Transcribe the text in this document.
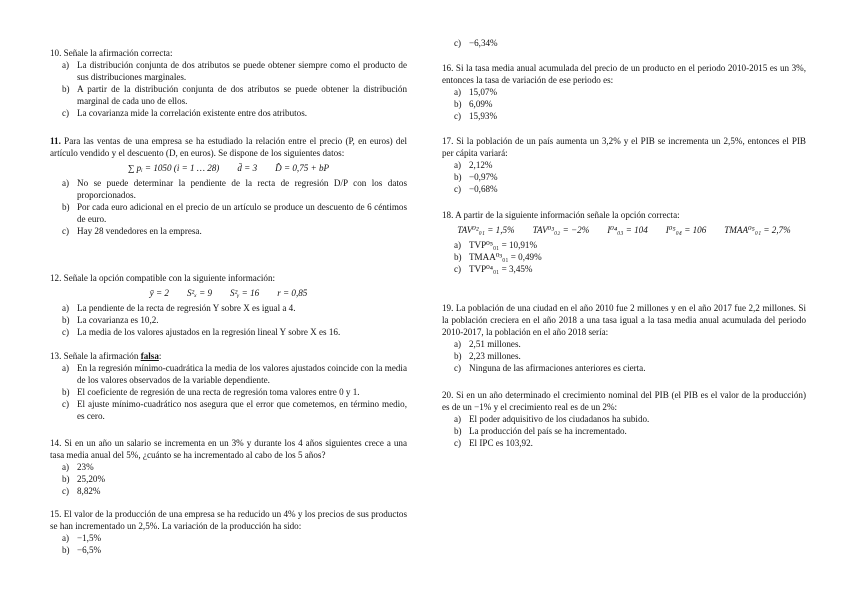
10. Señale la afirmación correcta:
a) La distribución conjunta de dos atributos se puede obtener siempre como el producto de sus distribuciones marginales.
b) A partir de la distribución conjunta de dos atributos se puede obtener la distribución marginal de cada uno de ellos.
c) La covarianza mide la correlación existente entre dos atributos.
11. Para las ventas de una empresa se ha estudiado la relación entre el precio (P, en euros) del artículo vendido y el descuento (D, en euros). Se dispone de los siguientes datos:
∑ pᵢ = 1050 (i = 1 … 28) d̄ = 3 D̂ = 0,75 + bP
a) No se puede determinar la pendiente de la recta de regresión D/P con los datos proporcionados.
b) Por cada euro adicional en el precio de un artículo se produce un descuento de 6 céntimos de euro.
c) Hay 28 vendedores en la empresa.
12. Señale la opción compatible con la siguiente información:
ȳ = 2 S²ₓ = 9 S²ᵧ = 16 r = 0,85
a) La pendiente de la recta de regresión Y sobre X es igual a 4.
b) La covarianza es 10,2.
c) La media de los valores ajustados en la regresión lineal Y sobre X es 16.
13. Señale la afirmación falsa:
a) En la regresión mínimo-cuadrática la media de los valores ajustados coincide con la media de los valores observados de la variable dependiente.
b) El coeficiente de regresión de una recta de regresión toma valores entre 0 y 1.
c) El ajuste mínimo-cuadrático nos asegura que el error que cometemos, en término medio, es cero.
14. Si en un año un salario se incrementa en un 3% y durante los 4 años siguientes crece a una tasa media anual del 5%, ¿cuánto se ha incrementado al cabo de los 5 años?
a) 23%
b) 25,20%
c) 8,82%
15. El valor de la producción de una empresa se ha reducido un 4% y los precios de sus productos se han incrementado un 2,5%. La variación de la producción ha sido:
a) −1,5%
b) −6,5%
c) −6,34%
16. Si la tasa media anual acumulada del precio de un producto en el periodo 2010-2015 es un 3%, entonces la tasa de variación de ese periodo es:
a) 15,07%
b) 6,09%
c) 15,93%
17. Si la población de un país aumenta un 3,2% y el PIB se incrementa un 2,5%, entonces el PIB per cápita variará:
a) 2,12%
b) −0,97%
c) −0,68%
18. A partir de la siguiente información señale la opción correcta:
TAV⁰²₀₁ = 1,5% TAV⁰³₀₂ = −2% I⁰⁴₀₃ = 104 I⁰⁵₀₄ = 106 TMAA⁰⁵₀₁ = 2,7%
a) TVP⁰⁵₀₁ = 10,91%
b) TMAA⁰³₀₁ = 0,49%
c) TVP⁰⁴₀₁ = 3,45%
19. La población de una ciudad en el año 2010 fue 2 millones y en el año 2017 fue 2,2 millones. Si la población creciera en el año 2018 a una tasa igual a la tasa media anual acumulada del periodo 2010-2017, la población en el año 2018 sería:
a) 2,51 millones.
b) 2,23 millones.
c) Ninguna de las afirmaciones anteriores es cierta.
20. Si en un año determinado el crecimiento nominal del PIB (el PIB es el valor de la producción) es de un −1% y el crecimiento real es de un 2%:
a) El poder adquisitivo de los ciudadanos ha subido.
b) La producción del país se ha incrementado.
c) El IPC es 103,92.
